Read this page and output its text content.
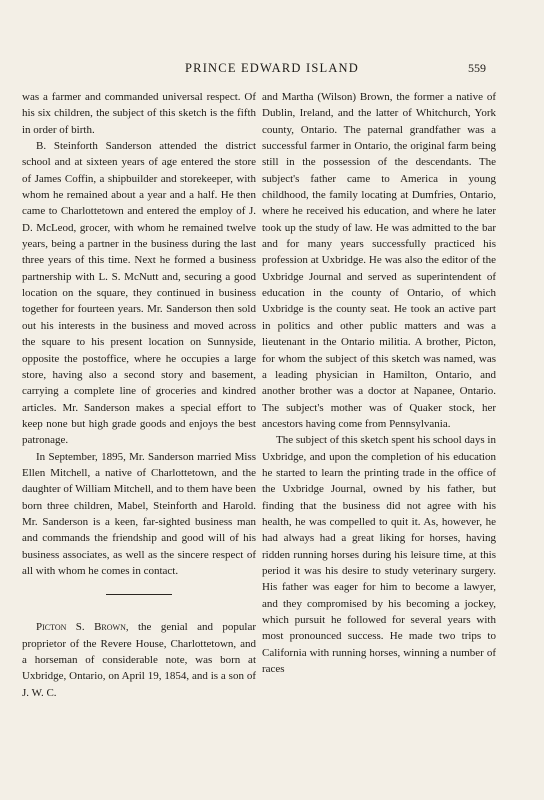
PRINCE EDWARD ISLAND	559

was a farmer and commanded universal respect. Of his six children, the subject of this sketch is the fifth in order of birth.

B. Steinforth Sanderson attended the district school and at sixteen years of age entered the store of James Coffin, a shipbuilder and storekeeper, with whom he remained about a year and a half. He then came to Charlottetown and entered the employ of J. D. McLeod, grocer, with whom he remained twelve years, being a partner in the business during the last three years of this time. Next he formed a business partnership with L. S. McNutt and, securing a good location on the square, they continued in business together for fourteen years. Mr. Sanderson then sold out his interests in the business and moved across the square to his present location on Sunnyside, opposite the postoffice, where he occupies a large store, having also a second story and basement, carrying a complete line of groceries and kindred articles. Mr. Sanderson makes a special effort to keep none but high grade goods and enjoys the best patronage.

In September, 1895, Mr. Sanderson married Miss Ellen Mitchell, a native of Charlottetown, and the daughter of William Mitchell, and to them have been born three children, Mabel, Steinforth and Harold. Mr. Sanderson is a keen, far-sighted business man and commands the friendship and good will of his business associates, as well as the sincere respect of all with whom he comes in contact.

Picton S. Brown, the genial and popular proprietor of the Revere House, Charlottetown, and a horseman of considerable note, was born at Uxbridge, Ontario, on April 19, 1854, and is a son of J. W. C.

and Martha (Wilson) Brown, the former a native of Dublin, Ireland, and the latter of Whitchurch, York county, Ontario. The paternal grandfather was a successful farmer in Ontario, the original farm being still in the possession of the descendants. The subject's father came to America in young childhood, the family locating at Dumfries, Ontario, where he received his education, and where he later took up the study of law. He was admitted to the bar and for many years successfully practiced his profession at Uxbridge. He was also the editor of the Uxbridge Journal and served as superintendent of education in the county of Ontario, of which Uxbridge is the county seat. He took an active part in politics and other public matters and was a lieutenant in the Ontario militia. A brother, Picton, for whom the subject of this sketch was named, was a leading physician in Hamilton, Ontario, and another brother was a doctor at Napanee, Ontario. The subject's mother was of Quaker stock, her ancestors having come from Pennsylvania.

The subject of this sketch spent his school days in Uxbridge, and upon the completion of his education he started to learn the printing trade in the office of the Uxbridge Journal, owned by his father, but finding that the business did not agree with his health, he was compelled to quit it. As, however, he had always had a great liking for horses, having ridden running horses during his leisure time, at this period it was his desire to study veterinary surgery. His father was eager for him to become a lawyer, and they compromised by his becoming a jockey, which pursuit he followed for several years with most pronounced success. He made two trips to California with running horses, winning a number of races
